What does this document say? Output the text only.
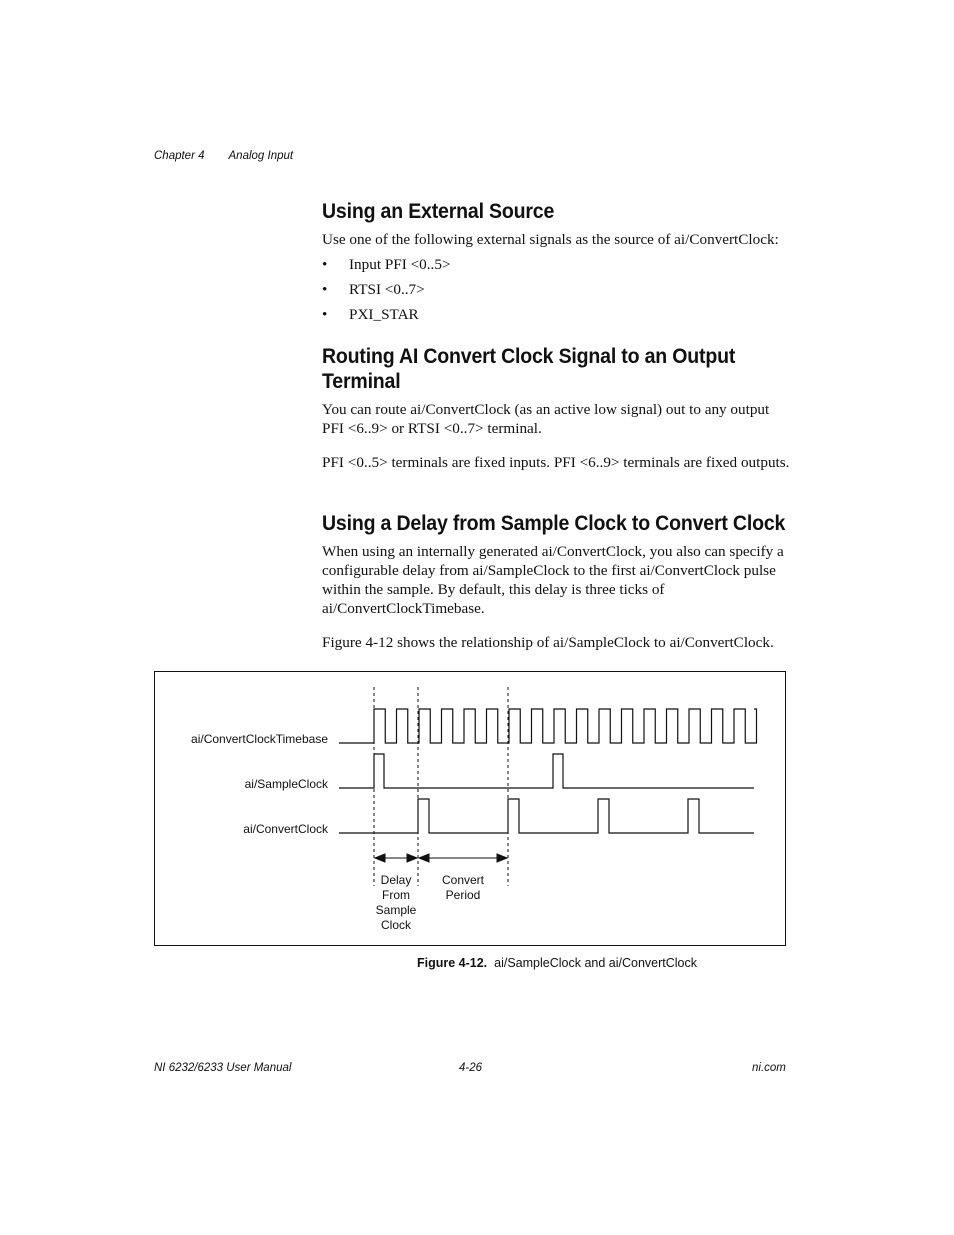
Chapter 4 Analog Input
Using an External Source

Use one of the following external signals as the source of ai/ConvertClock:

• Input PFI <0..5>
• RTSI <0..7>
• PXI_STAR
Routing AI Convert Clock Signal to an Output
Terminal

You can route ai/ConvertClock (as an active low signal) out to any output PFI <6..9> or RTSI <0..7> terminal.

PFI <0..5> terminals are fixed inputs. PFI <6..9> terminals are fixed outputs.

Using a Delay from Sample Clock to Convert Clock

When using an internally generated ai/ConvertClock, you also can specify a configurable delay from ai/SampleClock to the first ai/ConvertClock pulse within the sample. By default, this delay is three ticks of ai/ConvertClockTimebase.

Figure 4-12 shows the relationship of ai/SampleClock to ai/ConvertClock.

ai/ConvertClockTimebase
ai/SampleClock
ai/ConvertClock
Delay
From
Sample
Clock
Convert
Period
Figure 4-12. ai/SampleClock and ai/ConvertClock
NI 6232/6233 User Manual	4-26	ni.com
